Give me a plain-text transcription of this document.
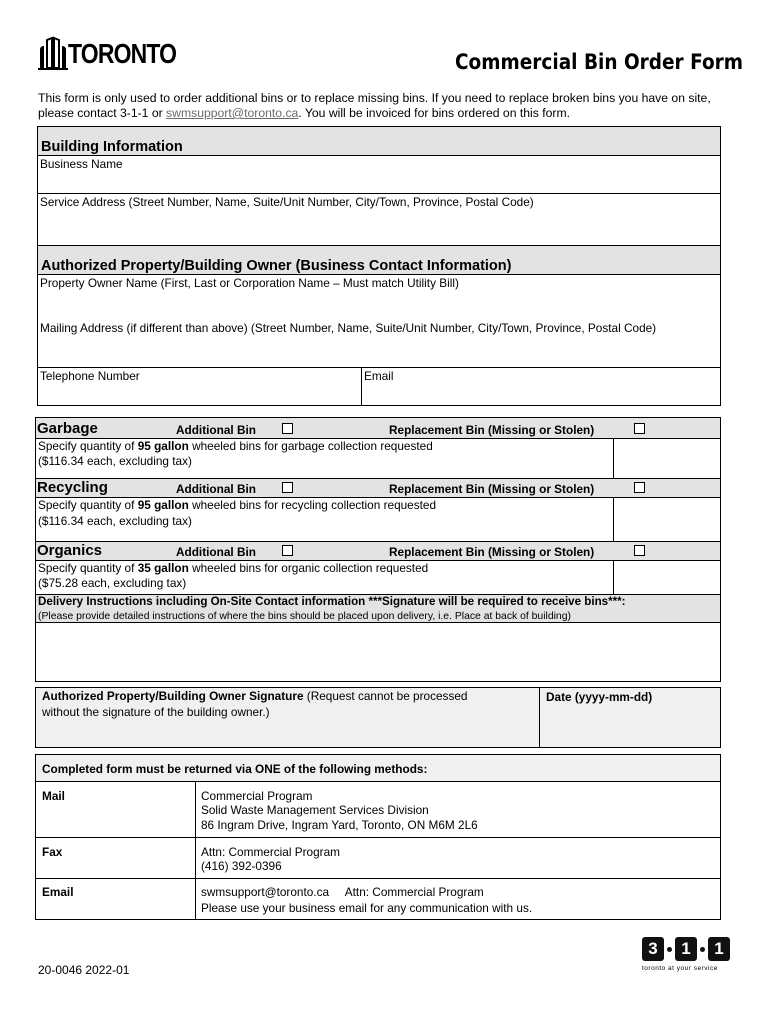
TORONTO	Commercial Bin Order Form
This form is only used to order additional bins or to replace missing bins. If you need to replace broken bins you have on site, please contact 3-1-1 or swmsupport@toronto.ca. You will be invoiced for bins ordered on this form.
Building Information
Business Name
Service Address (Street Number, Name, Suite/Unit Number, City/Town, Province, Postal Code)
Authorized Property/Building Owner (Business Contact Information)
Property Owner Name (First, Last or Corporation Name – Must match Utility Bill)
Mailing Address (if different than above) (Street Number, Name, Suite/Unit Number, City/Town, Province, Postal Code)
Telephone Number	Email
Garbage	Additional Bin	Replacement Bin (Missing or Stolen)
Specify quantity of 95 gallon wheeled bins for garbage collection requested
($116.34 each, excluding tax)
Recycling	Additional Bin	Replacement Bin (Missing or Stolen)
Specify quantity of 95 gallon wheeled bins for recycling collection requested
($116.34 each, excluding tax)
Organics	Additional Bin	Replacement Bin (Missing or Stolen)
Specify quantity of 35 gallon wheeled bins for organic collection requested
($75.28 each, excluding tax)
Delivery Instructions including On-Site Contact information ***Signature will be required to receive bins***:
(Please provide detailed instructions of where the bins should be placed upon delivery, i.e. Place at back of building)
Authorized Property/Building Owner Signature (Request cannot be processed
without the signature of the building owner.)
Date (yyyy-mm-dd)
Completed form must be returned via ONE of the following methods:
Mail	Commercial Program
Solid Waste Management Services Division
86 Ingram Drive, Ingram Yard, Toronto, ON M6M 2L6
Fax	Attn: Commercial Program
(416) 392-0396
Email	swmsupport@toronto.ca     Attn: Commercial Program
Please use your business email for any communication with us.
20-0046 2022-01
3	1	1
toronto at your service
